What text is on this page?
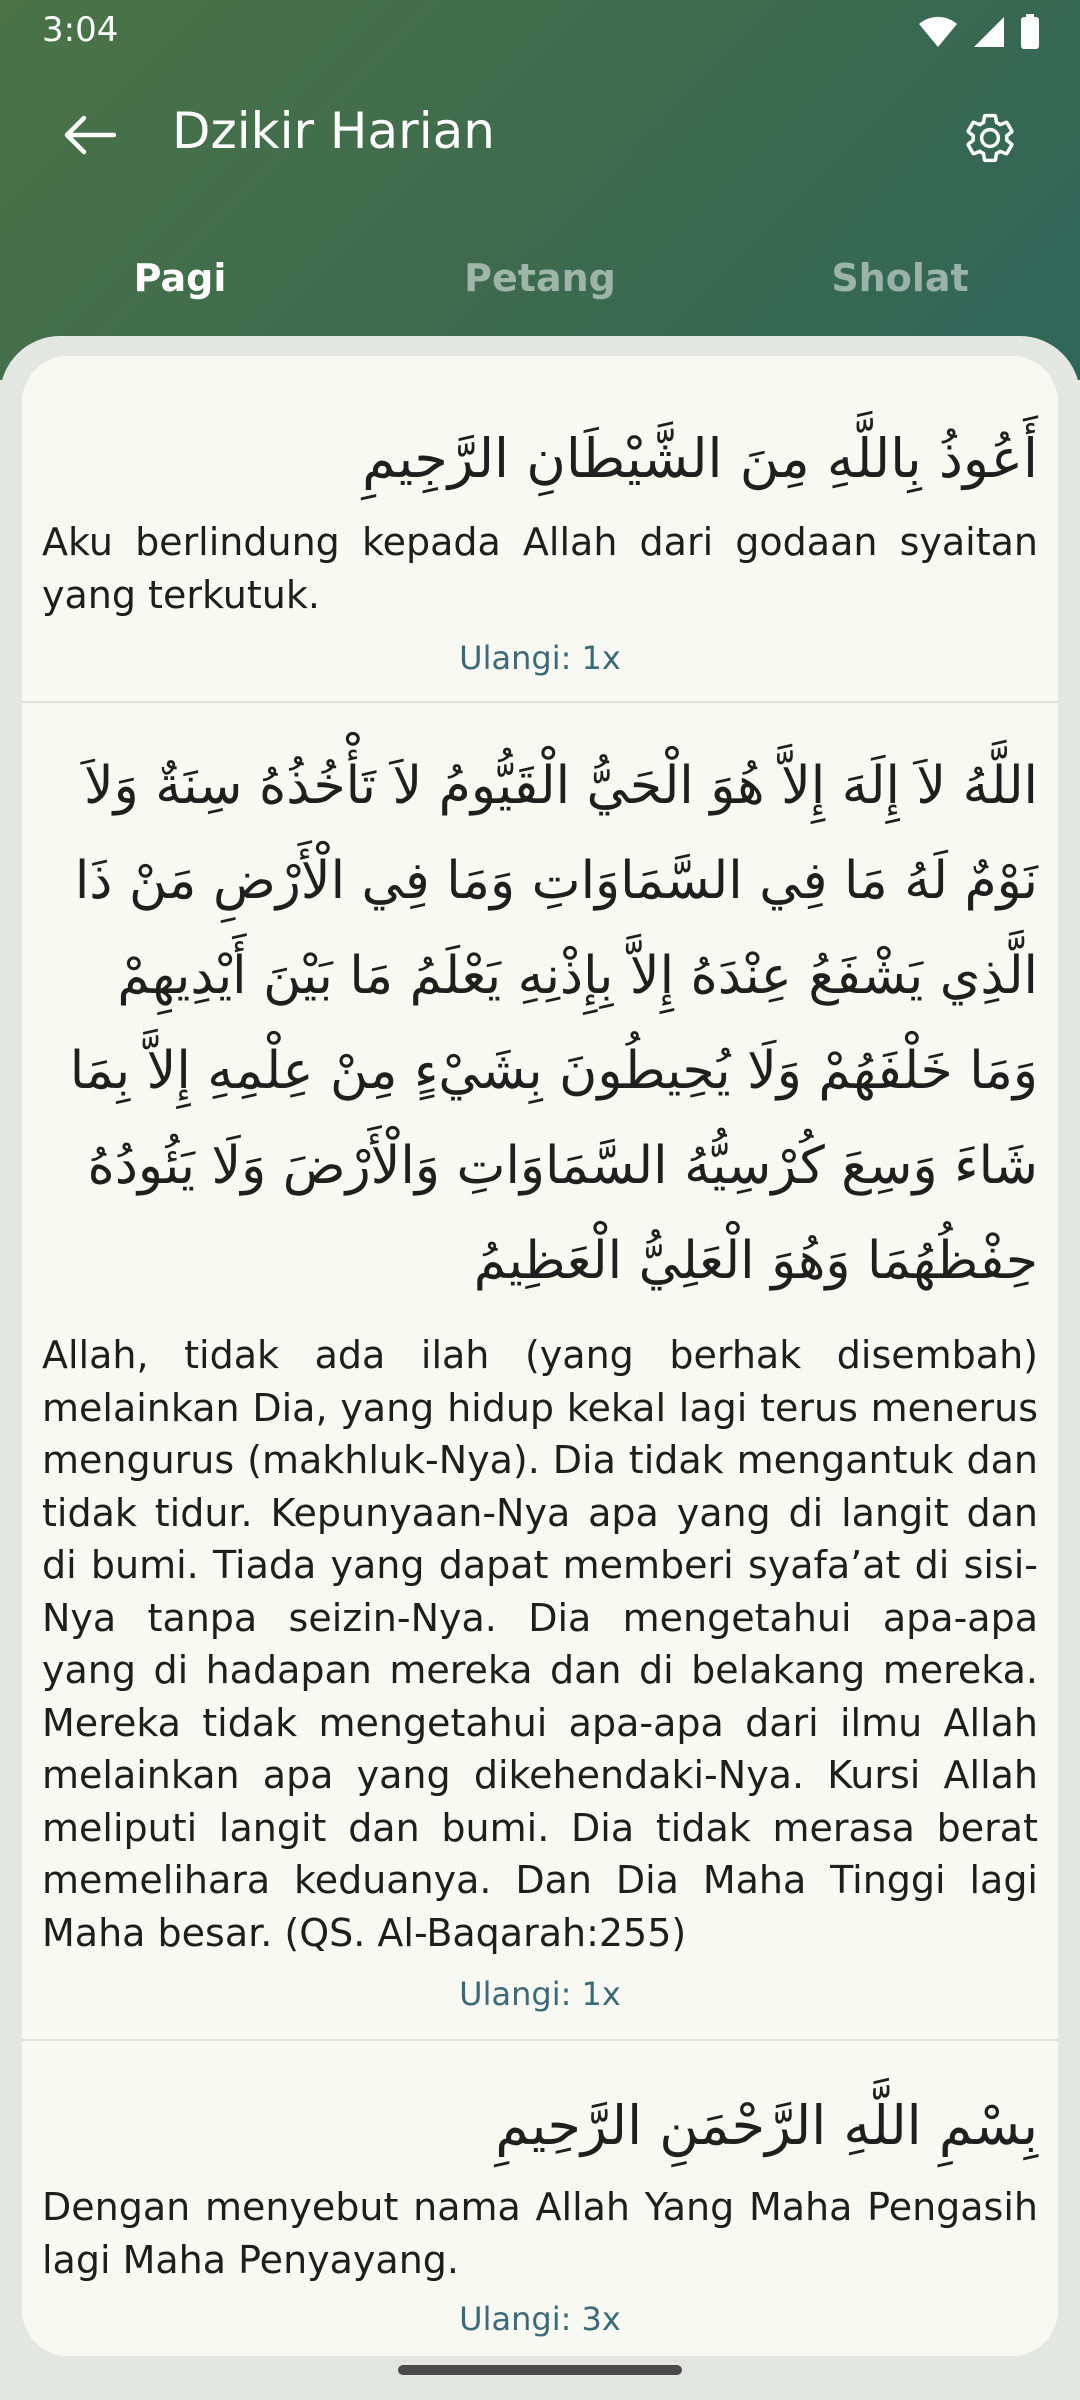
3:04
Dzikir Harian
Pagi	Petang	Sholat
أَعُوذُ بِاللَّهِ مِنَ الشَّيْطَانِ الرَّجِيمِ
Aku berlindung kepada Allah dari godaan syaitan yang terkutuk.
Ulangi: 1x
اللَّهُ لاَ إِلَهَ إِلاَّ هُوَ الْحَيُّ الْقَيُّومُ لاَ تَأْخُذُهُ سِنَةٌ وَلاَ نَوْمٌ لَهُ مَا فِي السَّمَاوَاتِ وَمَا فِي الْأَرْضِ مَنْ ذَا الَّذِي يَشْفَعُ عِنْدَهُ إِلاَّ بِإِذْنِهِ يَعْلَمُ مَا بَيْنَ أَيْدِيهِمْ وَمَا خَلْفَهُمْ وَلَا يُحِيطُونَ بِشَيْءٍ مِنْ عِلْمِهِ إِلاَّ بِمَا شَاءَ وَسِعَ كُرْسِيُّهُ السَّمَاوَاتِ وَالْأَرْضَ وَلَا يَئُودُهُ حِفْظُهُمَا وَهُوَ الْعَلِيُّ الْعَظِيمُ
Allah, tidak ada ilah (yang berhak disembah) melainkan Dia, yang hidup kekal lagi terus menerus mengurus (makhluk-Nya). Dia tidak mengantuk dan tidak tidur. Kepunyaan-Nya apa yang di langit dan di bumi. Tiada yang dapat memberi syafa’at di sisi-Nya tanpa seizin-Nya. Dia mengetahui apa-apa yang di hadapan mereka dan di belakang mereka. Mereka tidak mengetahui apa-apa dari ilmu Allah melainkan apa yang dikehendaki-Nya. Kursi Allah meliputi langit dan bumi. Dia tidak merasa berat memelihara keduanya. Dan Dia Maha Tinggi lagi Maha besar. (QS. Al-Baqarah:255)
Ulangi: 1x
بِسْمِ اللَّهِ الرَّحْمَنِ الرَّحِيمِ
Dengan menyebut nama Allah Yang Maha Pengasih lagi Maha Penyayang.
Ulangi: 3x
